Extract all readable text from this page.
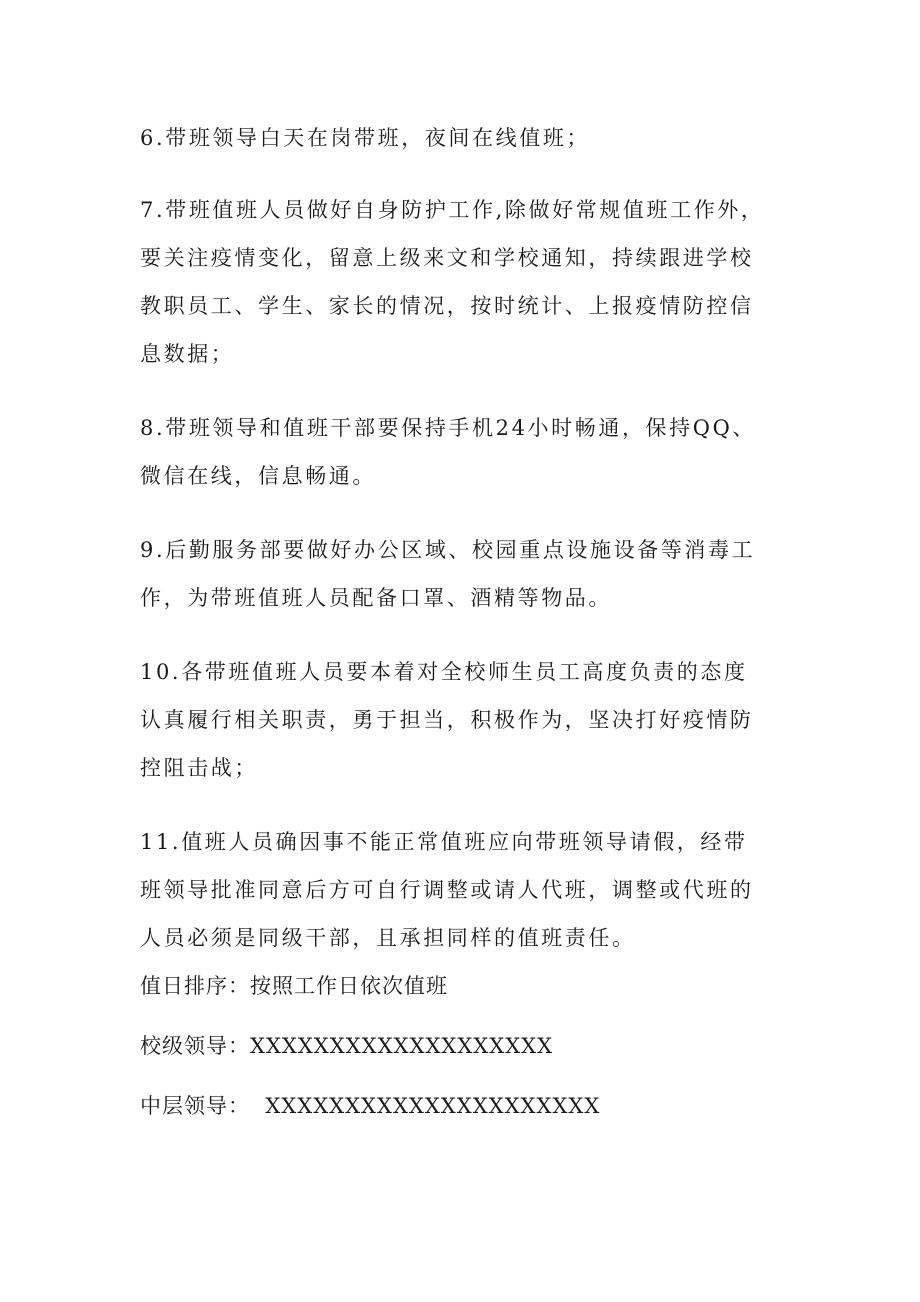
6.带班领导白天在岗带班，夜间在线值班；
7.带班值班人员做好自身防护工作,除做好常规值班工作外，
要关注疫情变化，留意上级来文和学校通知，持续跟进学校
教职员工、学生、家长的情况，按时统计、上报疫情防控信
息数据；
8.带班领导和值班干部要保持手机24小时畅通，保持QQ、
微信在线，信息畅通。
9.后勤服务部要做好办公区域、校园重点设施设备等消毒工
作，为带班值班人员配备口罩、酒精等物品。
10.各带班值班人员要本着对全校师生员工高度负责的态度
认真履行相关职责，勇于担当，积极作为，坚决打好疫情防
控阻击战；
11.值班人员确因事不能正常值班应向带班领导请假，经带
班领导批准同意后方可自行调整或请人代班，调整或代班的
人员必须是同级干部，且承担同样的值班责任。
值日排序：按照工作日依次值班
校级领导：XXXXXXXXXXXXXXXXXXX
中层领导：  XXXXXXXXXXXXXXXXXXXXX
